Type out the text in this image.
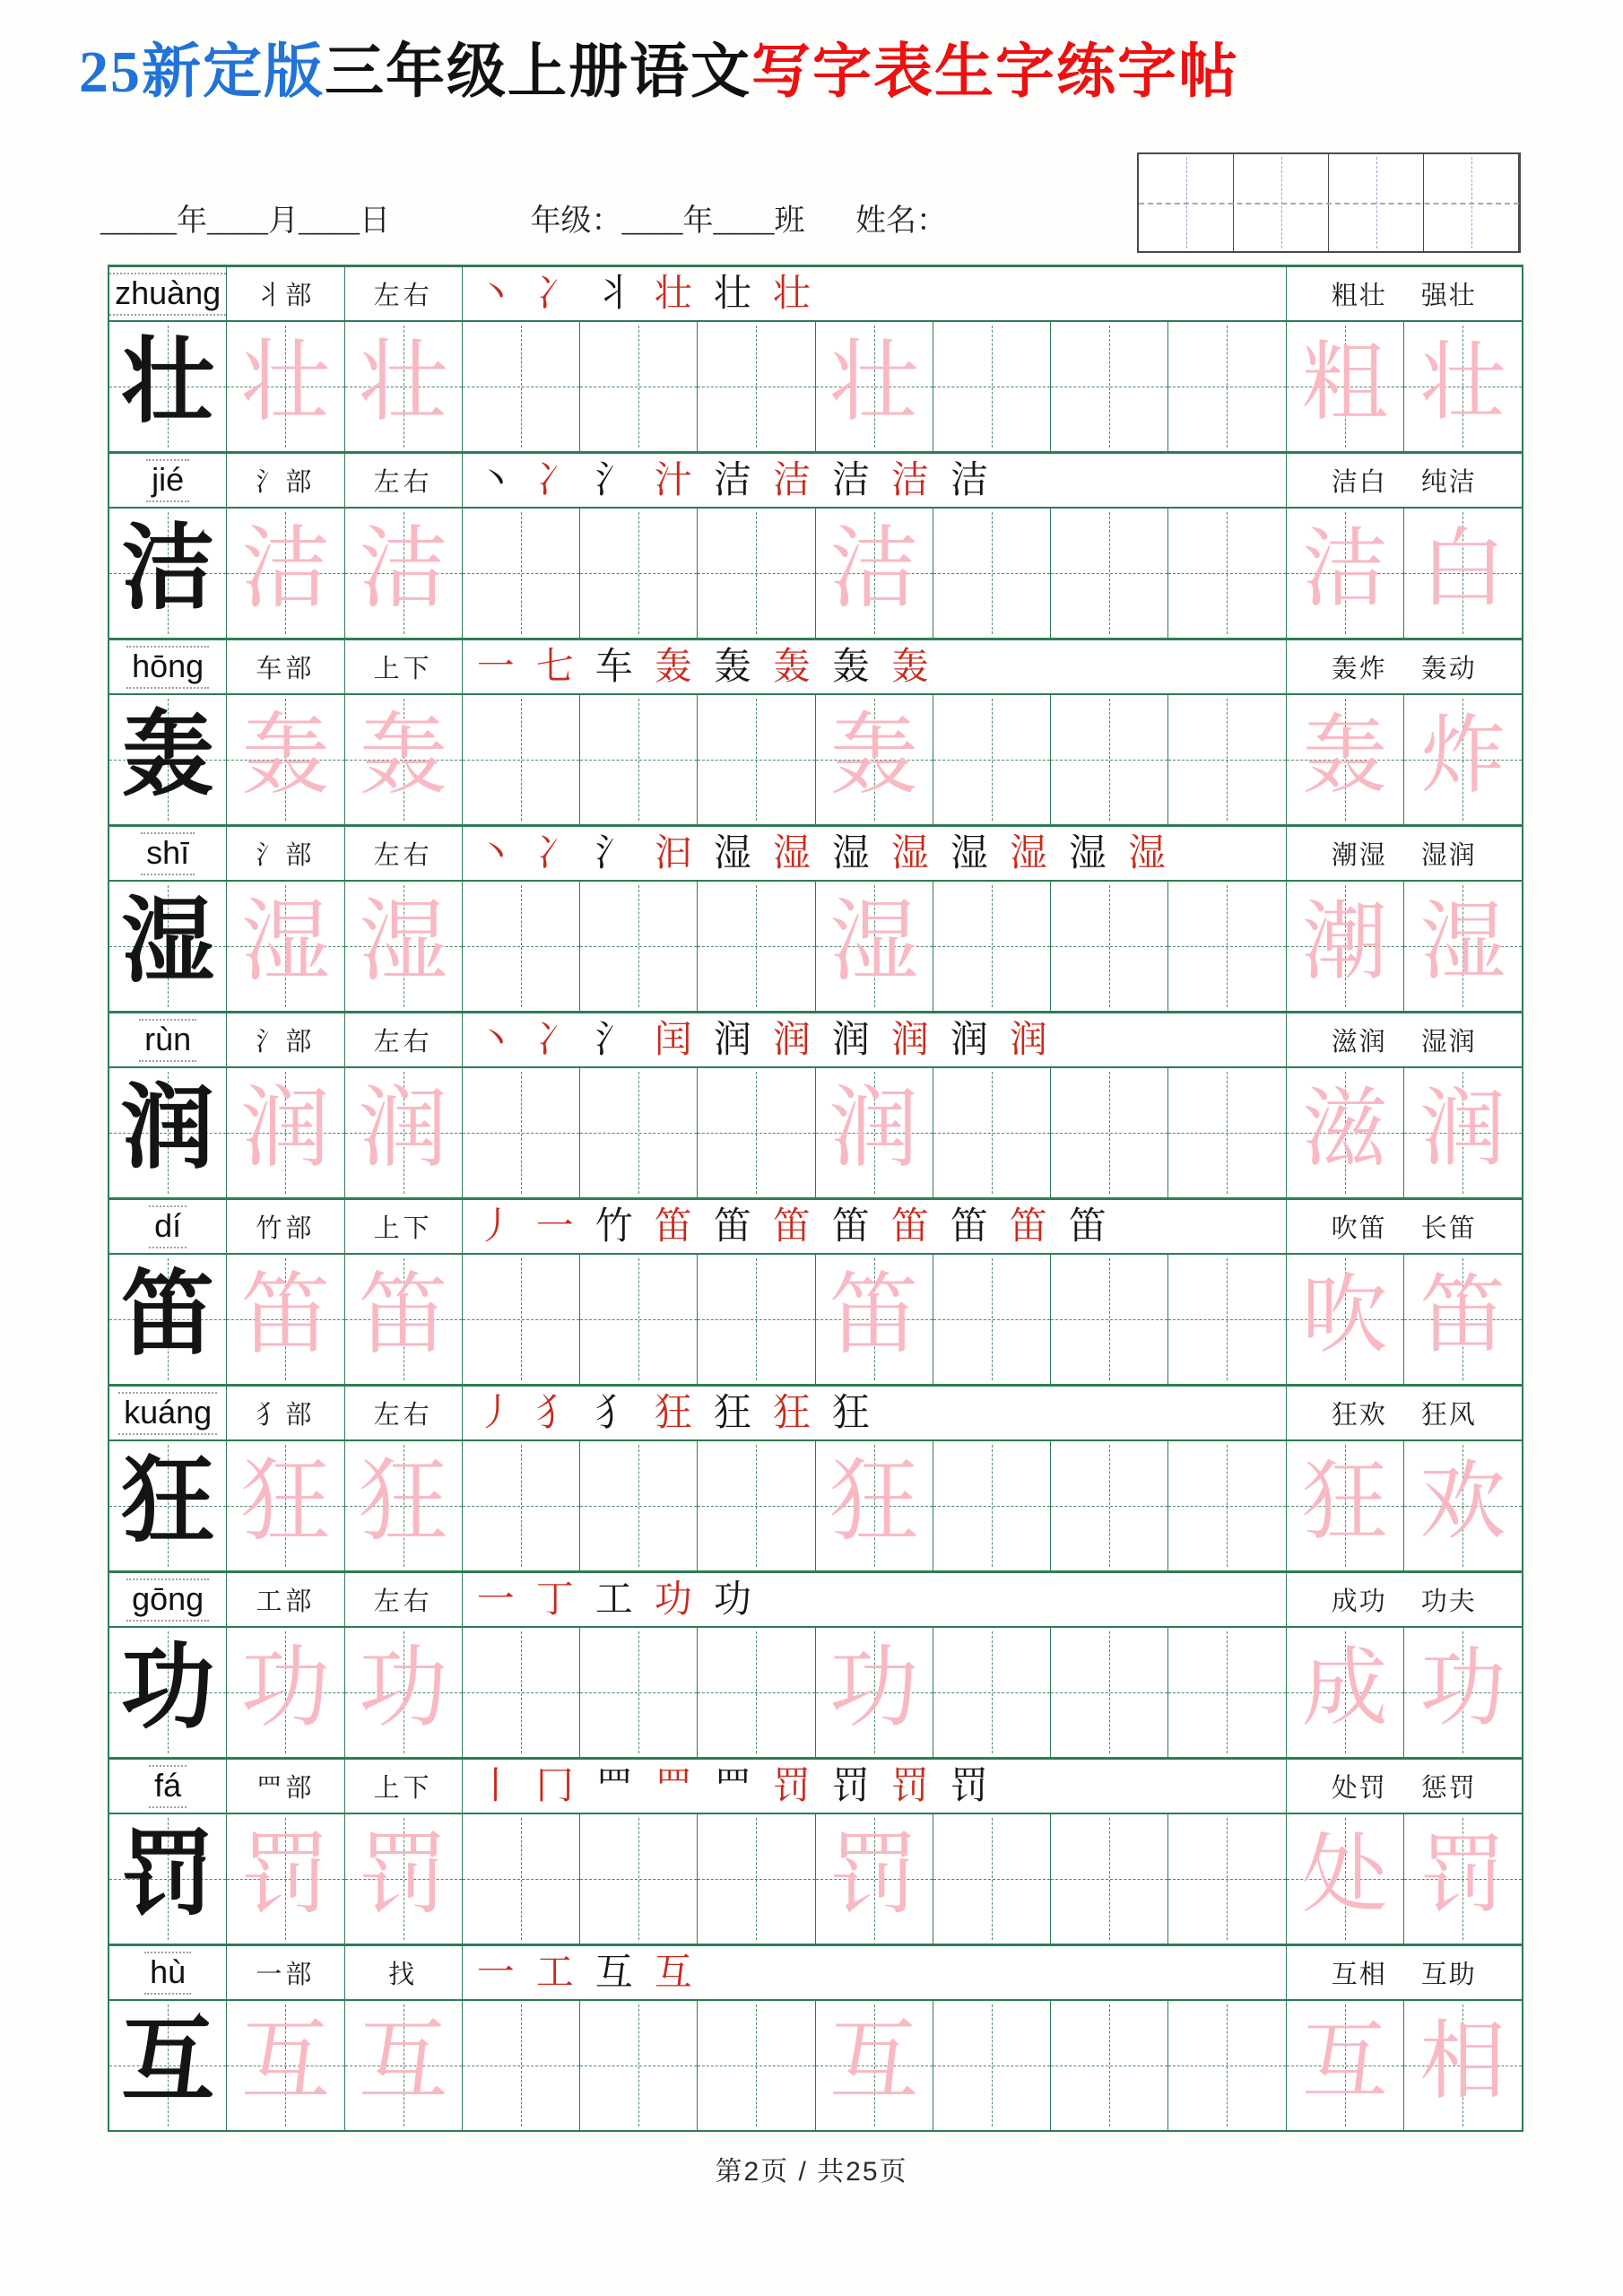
25新定版三年级上册语文写字表生字练字帖
_____年____月____日	年级：____年____班 姓名：
zhuàng 丬部 左右 丶 冫 丬 壮 壮 壮	粗壮 强壮
壮 壮 壮	壮	粗 壮
jié	氵部 左右 丶 冫 氵 汁 洁 洁 洁 洁 洁	洁白 纯洁
洁 洁 洁	洁	洁 白
hōng 车部 上下 一 七 车 轰 轰 轰 轰 轰	轰炸 轰动
轰 轰 轰	轰	轰 炸
shī	氵部 左右 丶 冫 氵 汩 湿 湿 湿 湿 湿 湿 湿 湿	潮湿 湿润
湿 湿 湿	湿	潮 湿
rùn 氵部 左右 丶 冫 氵 闰 润 润 润 润 润 润	滋润 湿润
润 润 润	润	滋 润
dí	竹部 上下 丿 一 竹 笛 笛 笛 笛 笛 笛 笛 笛	吹笛 长笛
笛 笛 笛	笛	吹 笛
kuáng 犭部 左右 丿 犭 犭 狂 狂 狂 狂	狂欢 狂风
狂 狂 狂	狂	狂 欢
gōng 工部 左右 一 丁 工 功 功	成功 功夫
功 功 功	功	成 功
fá	罒部 上下 丨 冂 罒 罒 罒 罚 罚 罚 罚	处罚 惩罚
罚 罚 罚	罚	处 罚
hù	一部	找 一 工 互 互	互相 互助
互 互 互	互	互 相
第2页 / 共25页
